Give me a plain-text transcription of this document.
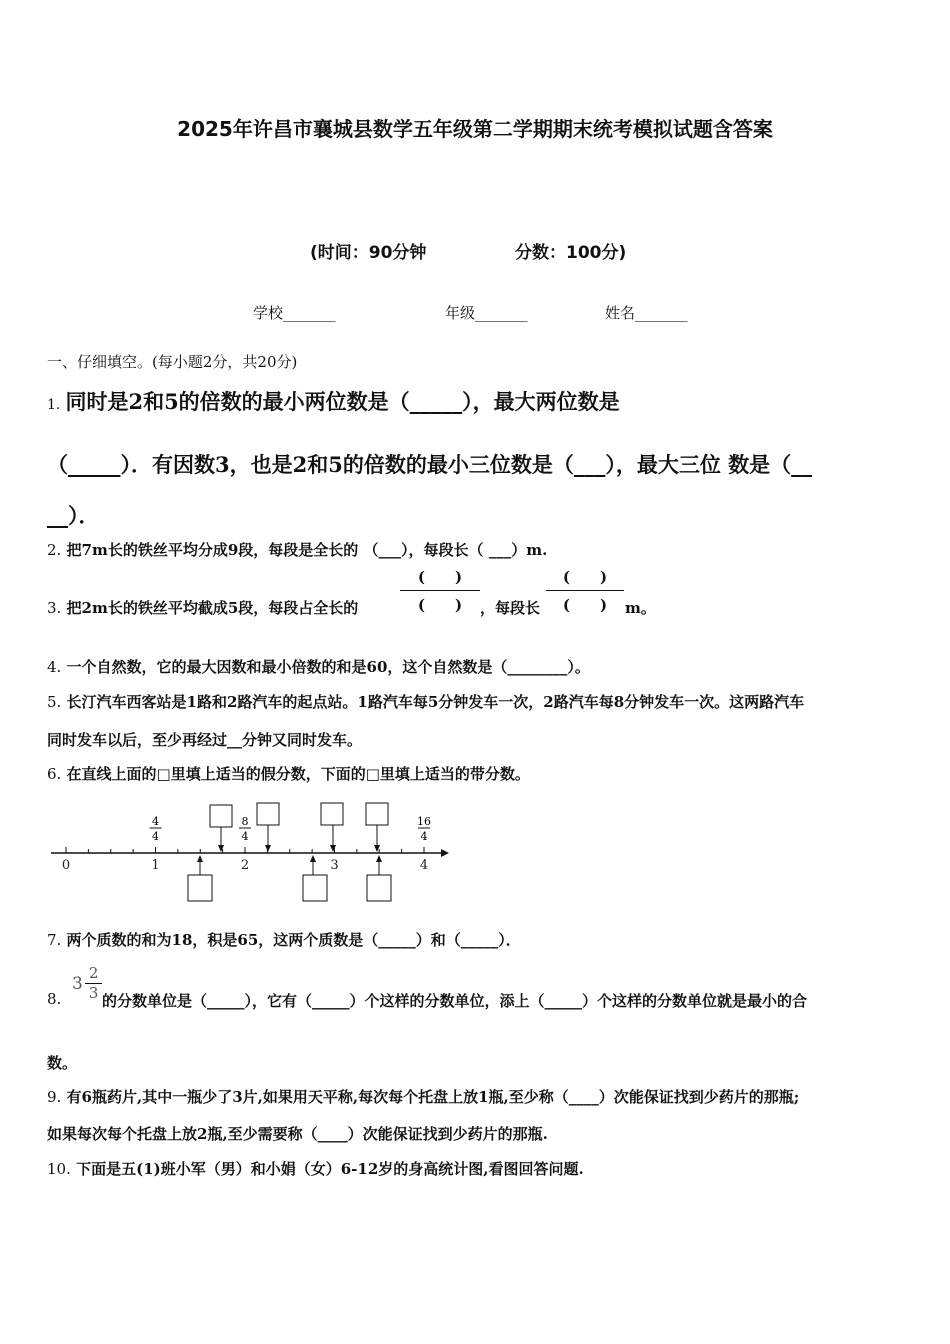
2025年许昌市襄城县数学五年级第二学期期末统考模拟试题含答案
(时间：90分钟	分数：100分)
学校_______	年级_______	姓名_______
一、仔细填空。(每小题2分，共20分)
1. 同时是2和5的倍数的最小两位数是（_____），最大两位数是
（_____）．有因数3，也是2和5的倍数的最小三位数是（___），最大三位 数是（__
__）．
2. 把7m长的铁丝平均分成9段，每段是全长的 （___），每段长（ ___）m.
3. 把2m长的铁丝平均截成5段，每段占全长的
(　　)
(　　)	，每段长
(　　)
(　　)	m。
4. 一个自然数，它的最大因数和最小倍数的和是60，这个自然数是（________）。
5. 长汀汽车西客站是1路和2路汽车的起点站。1路汽车每5分钟发车一次，2路汽车每8分钟发车一次。这两路汽车
同时发车以后，至少再经过__分钟又同时发车。
6. 在直线上面的□里填上适当的假分数，下面的□里填上适当的带分数。
0	1	2	3	4
4
4
8
4
16
4
7. 两个质数的和为18，积是65，这两个质数是（_____）和（_____）．
8.
$3 \frac{2}{3}$ 的分数单位是（_____），它有（_____）个这样的分数单位，添上（_____）个这样的分数单位就是最小的合
数。
9. 有6瓶药片,其中一瓶少了3片,如果用天平称,每次每个托盘上放1瓶,至少称（____）次能保证找到少药片的那瓶;
如果每次每个托盘上放2瓶,至少需要称（____）次能保证找到少药片的那瓶.
10. 下面是五(1)班小军（男）和小娟（女）6-12岁的身高统计图,看图回答问题.
